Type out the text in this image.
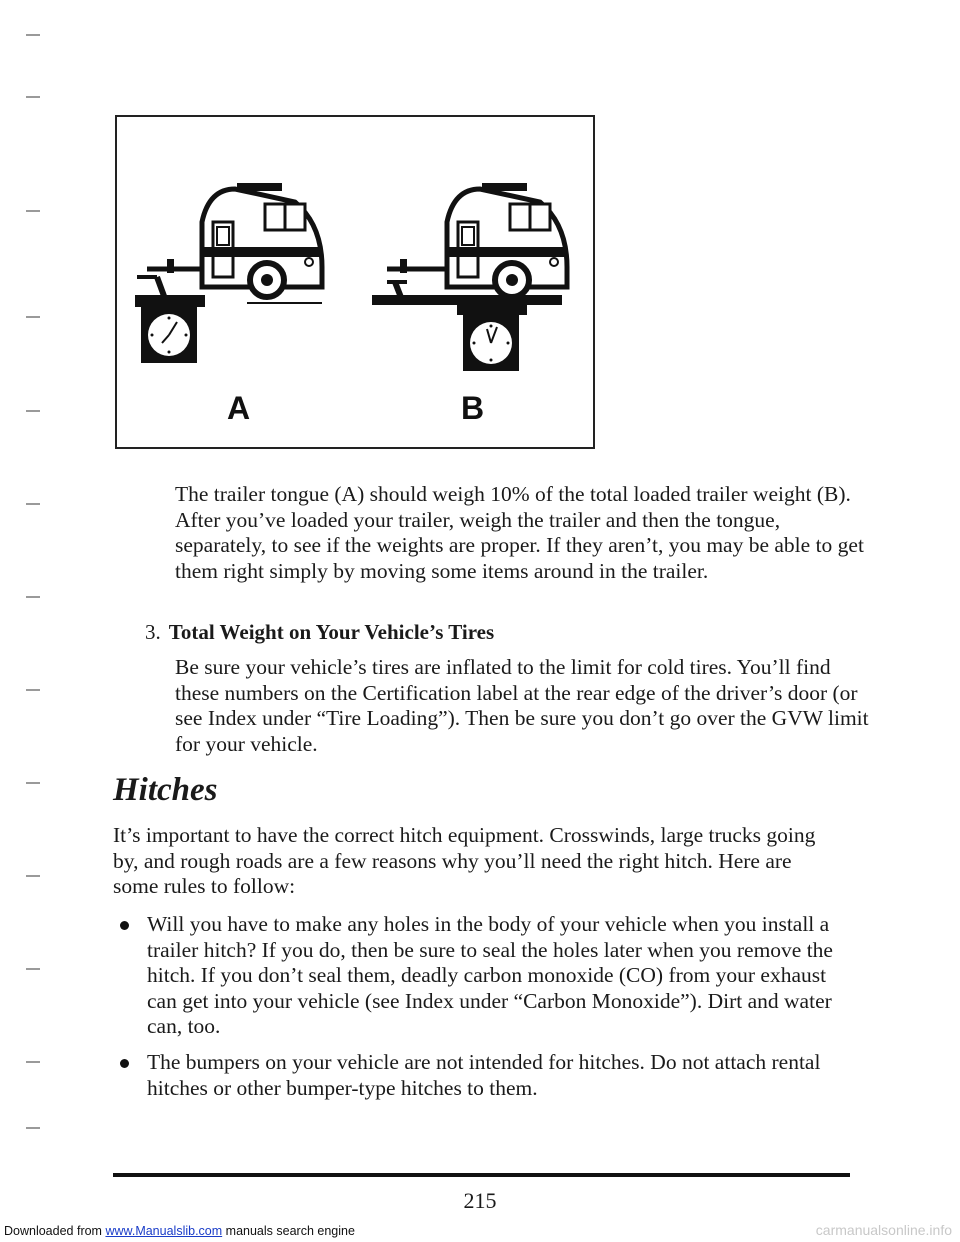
A	B

The trailer tongue (A) should weigh 10% of the total loaded trailer weight (B). After you’ve loaded your trailer, weigh the trailer and then the tongue, separately, to see if the weights are proper. If they aren’t, you may be able to get them right simply by moving some items around in the trailer.

3. Total Weight on Your Vehicle’s Tires

Be sure your vehicle’s tires are inflated to the limit for cold tires. You’ll find these numbers on the Certification label at the rear edge of the driver’s door (or see Index under “Tire Loading”). Then be sure you don’t go over the GVW limit for your vehicle.

Hitches

It’s important to have the correct hitch equipment. Crosswinds, large trucks going by, and rough roads are a few reasons why you’ll need the right hitch. Here are some rules to follow:

Will you have to make any holes in the body of your vehicle when you install a trailer hitch? If you do, then be sure to seal the holes later when you remove the hitch. If you don’t seal them, deadly carbon monoxide (CO) from your exhaust can get into your vehicle (see Index under “Carbon Monoxide”). Dirt and water can, too.

The bumpers on your vehicle are not intended for hitches. Do not attach rental hitches or other bumper-type hitches to them.

215
Downloaded from www.Manualslib.com manuals search engine	carmanualsonline.info
